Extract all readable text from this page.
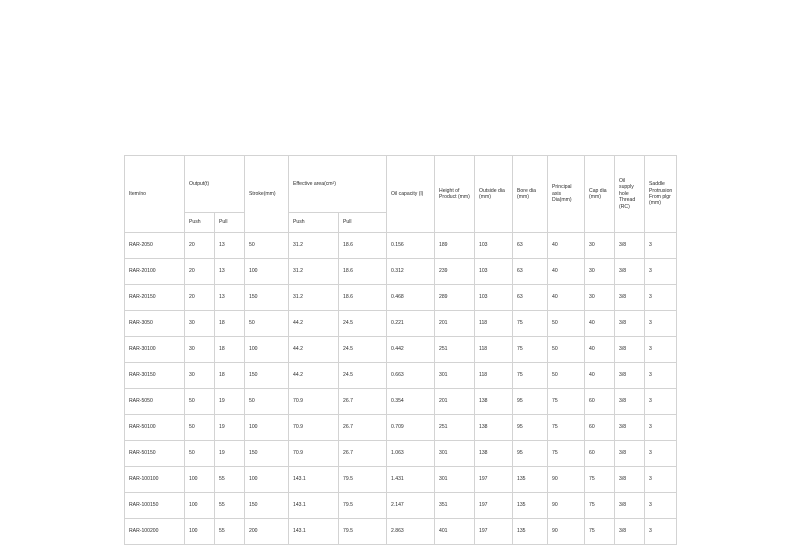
Item/no	Output(t)		Stroke(mm)	Effective area(cm²)		Oil capacity (l)	Height of Product (mm)	Outside dia (mm)	Bore dia (mm)	Principal axis Dia(mm)	Cap dia (mm)	Oil supply hole Thread (RC)	Saddle Protrusion From plgr (mm)
	Push	Pull		Push	Pull								
RAR-2050	20	13	50	31.2	18.6	0.156	189	103	63	40	30	3/8	3
RAR-20100	20	13	100	31.2	18.6	0.312	239	103	63	40	30	3/8	3
RAR-20150	20	13	150	31.2	18.6	0.468	289	103	63	40	30	3/8	3
RAR-3050	30	18	50	44.2	24.5	0.221	201	118	75	50	40	3/8	3
RAR-30100	30	18	100	44.2	24.5	0.442	251	118	75	50	40	3/8	3
RAR-30150	30	18	150	44.2	24.5	0.663	301	118	75	50	40	3/8	3
RAR-5050	50	19	50	70.9	26.7	0.354	201	138	95	75	60	3/8	3
RAR-50100	50	19	100	70.9	26.7	0.709	251	138	95	75	60	3/8	3
RAR-50150	50	19	150	70.9	26.7	1.063	301	138	95	75	60	3/8	3
RAR-100100	100	55	100	143.1	79.5	1.431	301	197	135	90	75	3/8	3
RAR-100150	100	55	150	143.1	79.5	2.147	351	197	135	90	75	3/8	3
RAR-100200	100	55	200	143.1	79.5	2.863	401	197	135	90	75	3/8	3
